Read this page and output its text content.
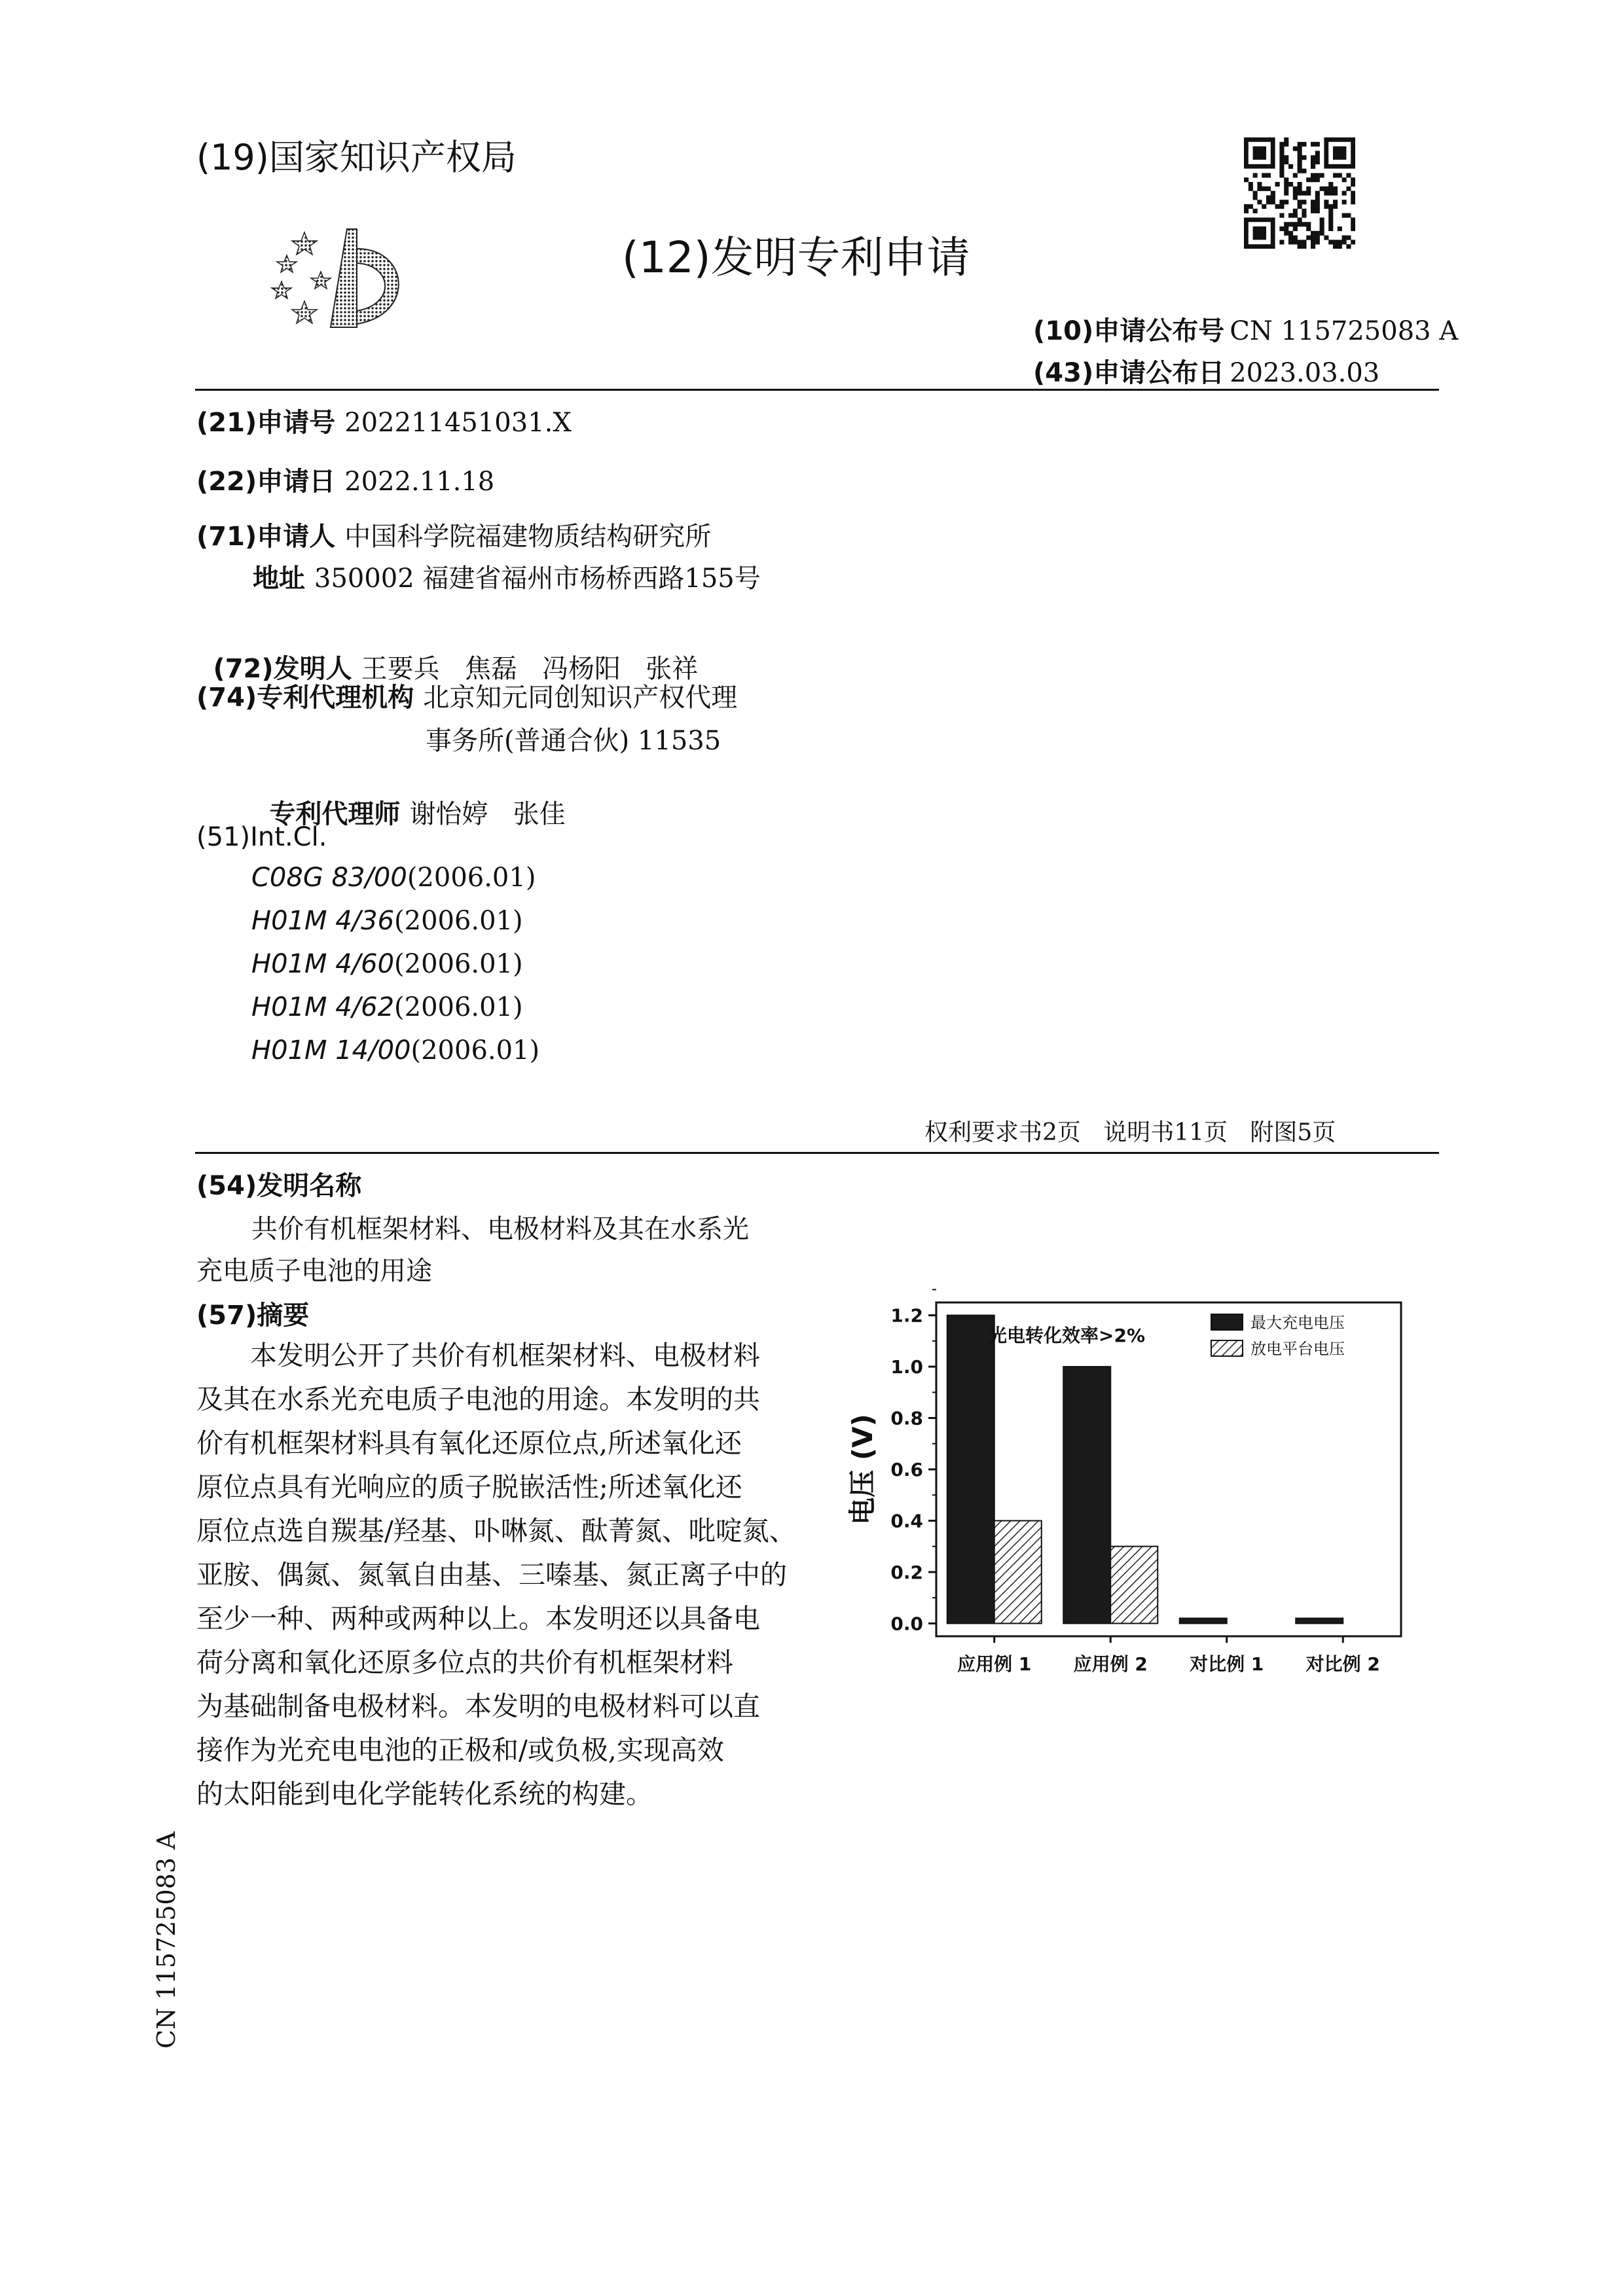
(19)国家知识产权局
(12)发明专利申请
(10)申请公布号 CN 115725083 A
(43)申请公布日 2023.03.03
(21)申请号 202211451031.X
(22)申请日 2022.11.18
(71)申请人 中国科学院福建物质结构研究所
地址 350002 福建省福州市杨桥西路155号

(72)发明人 王要兵   焦磊   冯杨阳   张祥

(74)专利代理机构 北京知元同创知识产权代理
事务所(普通合伙) 11535

专利代理师 谢怡婷   张佳

(51)Int.Cl.
C08G 83/00(2006.01)
H01M 4/36(2006.01)
H01M 4/60(2006.01)
H01M 4/62(2006.01)
H01M 14/00(2006.01)
权利要求书2页   说明书11页   附图5页
(54)发明名称
共价有机框架材料、电极材料及其在水系光
充电质子电池的用途
(57)摘要

本发明公开了共价有机框架材料、电极材料

及其在水系光充电质子电池的用途。本发明的共

价有机框架材料具有氧化还原位点,所述氧化还

原位点具有光响应的质子脱嵌活性;所述氧化还

原位点选自羰基/羟基、卟啉氮、酞菁氮、吡啶氮、

亚胺、偶氮、氮氧自由基、三嗪基、氮正离子中的

至少一种、两种或两种以上。本发明还以具备电

荷分离和氧化还原多位点的共价有机框架材料

为基础制备电极材料。本发明的电极材料可以直

接作为光充电电池的正极和/或负极,实现高效

的太阳能到电化学能转化系统的构建。

0.0
0.2
0.4
0.6
0.8
1.0
1.2
电压 (V)
应用例 1 应用例 2 对比例 1 对比例 2
光电转化效率>2%
最大充电电压
放电平台电压
CN 115725083 A
